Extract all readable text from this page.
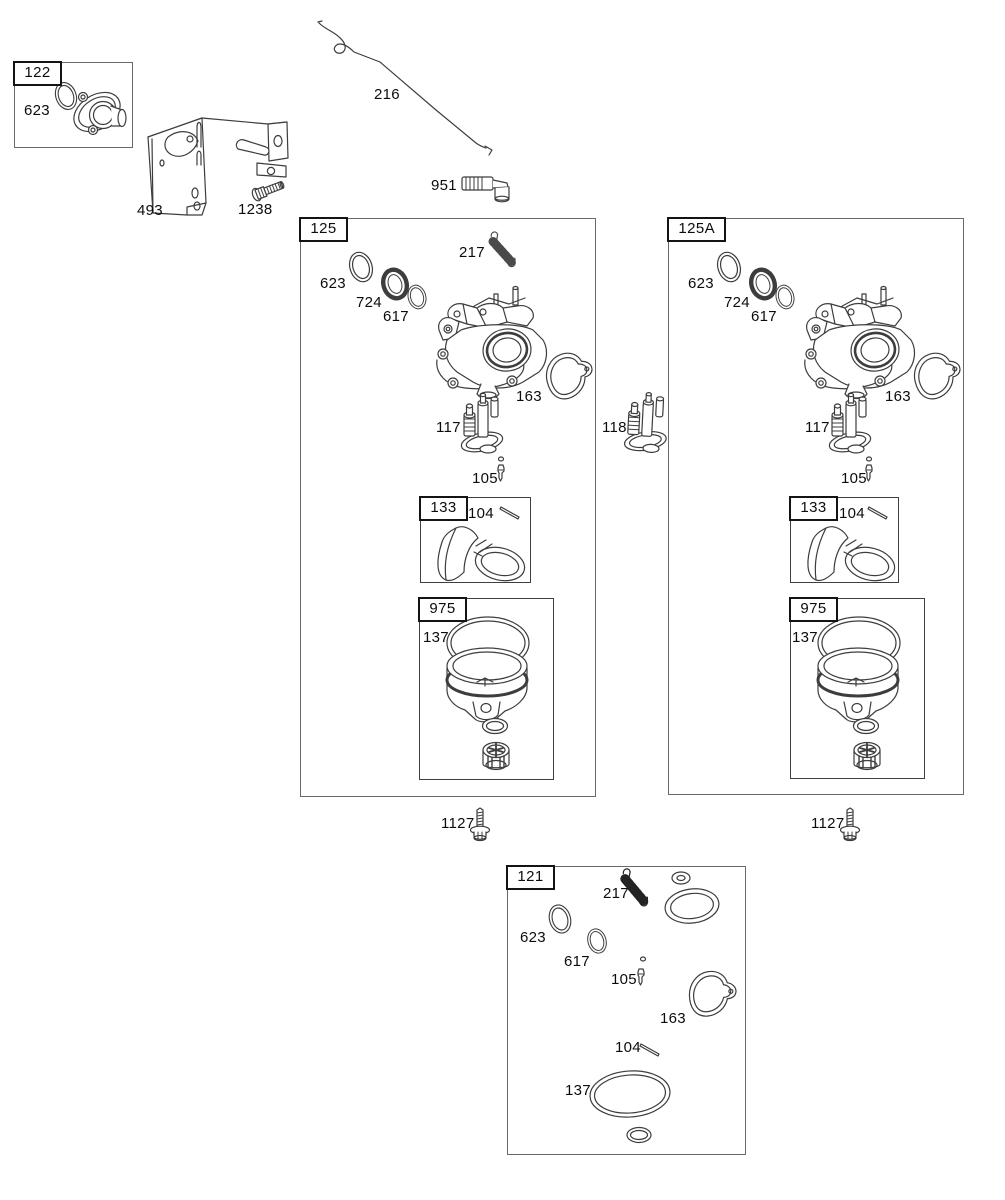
122
125
133
975
125A
133
975
121
623
493	1238
216
951
217
623
724
617
163
117
105
104
137
118
1127
623
724
617
163
117
105
104
137
1127
217
623
617
105
163
104
137
